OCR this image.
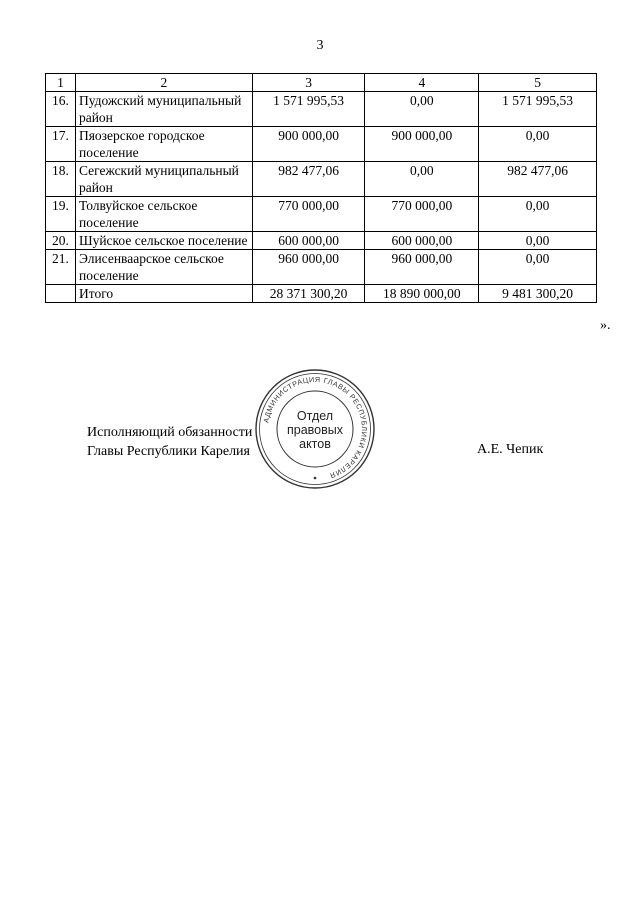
3
1	2	3	4	5
16.	Пудожский муниципальный район	1 571 995,53	0,00	1 571 995,53
17.	Пяозерское городское поселение	900 000,00	900 000,00	0,00
18.	Сегежский муниципальный район	982 477,06	0,00	982 477,06
19.	Толвуйское сельское поселение	770 000,00	770 000,00	0,00
20.	Шуйское сельское поселение	600 000,00	600 000,00	0,00
21.	Элисенваарское сельское поселение	960 000,00	960 000,00	0,00
	Итого	28 371 300,20	18 890 000,00	9 481 300,20
».
Исполняющий обязанности
Главы Республики Карелия	А.Е. Чепик
АДМИНИСТРАЦИЯ ГЛАВЫ РЕСПУБЛИКИ КАРЕЛИЯ
Отдел
правовых
актов
